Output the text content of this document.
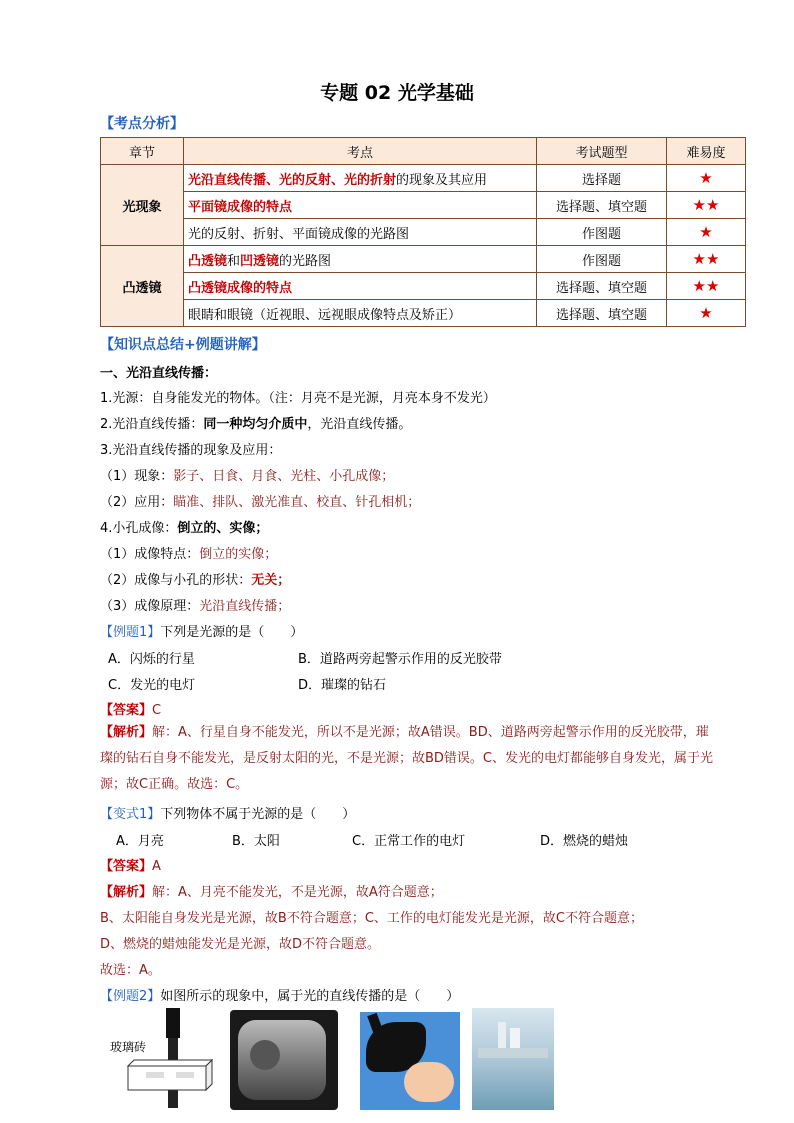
专题 02 光学基础
【考点分析】
章节	考点	考试题型	难易度
光现象	光沿直线传播、光的反射、光的折射的现象及其应用	选择题	★
	平面镜成像的特点	选择题、填空题	★★
	光的反射、折射、平面镜成像的光路图	作图题	★
凸透镜	凸透镜和凹透镜的光路图	作图题	★★
	凸透镜成像的特点	选择题、填空题	★★
	眼睛和眼镜（近视眼、远视眼成像特点及矫正）	选择题、填空题	★
【知识点总结+例题讲解】
一、光沿直线传播：
1.光源：自身能发光的物体。（注：月亮不是光源，月亮本身不发光）
2.光沿直线传播：同一种均匀介质中，光沿直线传播。
3.光沿直线传播的现象及应用：
（1）现象：影子、日食、月食、光柱、小孔成像；
（2）应用：瞄准、排队、激光准直、校直、针孔相机；
4.小孔成像：倒立的、实像；
（1）成像特点：倒立的实像；
（2）成像与小孔的形状：无关；
（3）成像原理：光沿直线传播；
【例题1】下列是光源的是（　　）
A．闪烁的行星	B．道路两旁起警示作用的反光胶带
C．发光的电灯	D．璀璨的钻石
【答案】C
【解析】解：A、行星自身不能发光，所以不是光源；故A错误。BD、道路两旁起警示作用的反光胶带，璀璨的钻石自身不能发光，是反射太阳的光，不是光源；故BD错误。C、发光的电灯都能够自身发光，属于光源；故C正确。故选：C。
【变式1】下列物体不属于光源的是（　　）
A．月亮	B．太阳	C．正常工作的电灯	D．燃烧的蜡烛
【答案】A
【解析】解：A、月亮不能发光，不是光源，故A符合题意；
B、太阳能自身发光是光源，故B不符合题意；C、工作的电灯能发光是光源，故C不符合题意；
D、燃烧的蜡烛能发光是光源，故D不符合题意。
故选：A。
【例题2】如图所示的现象中，属于光的直线传播的是（　　）
玻璃砖
